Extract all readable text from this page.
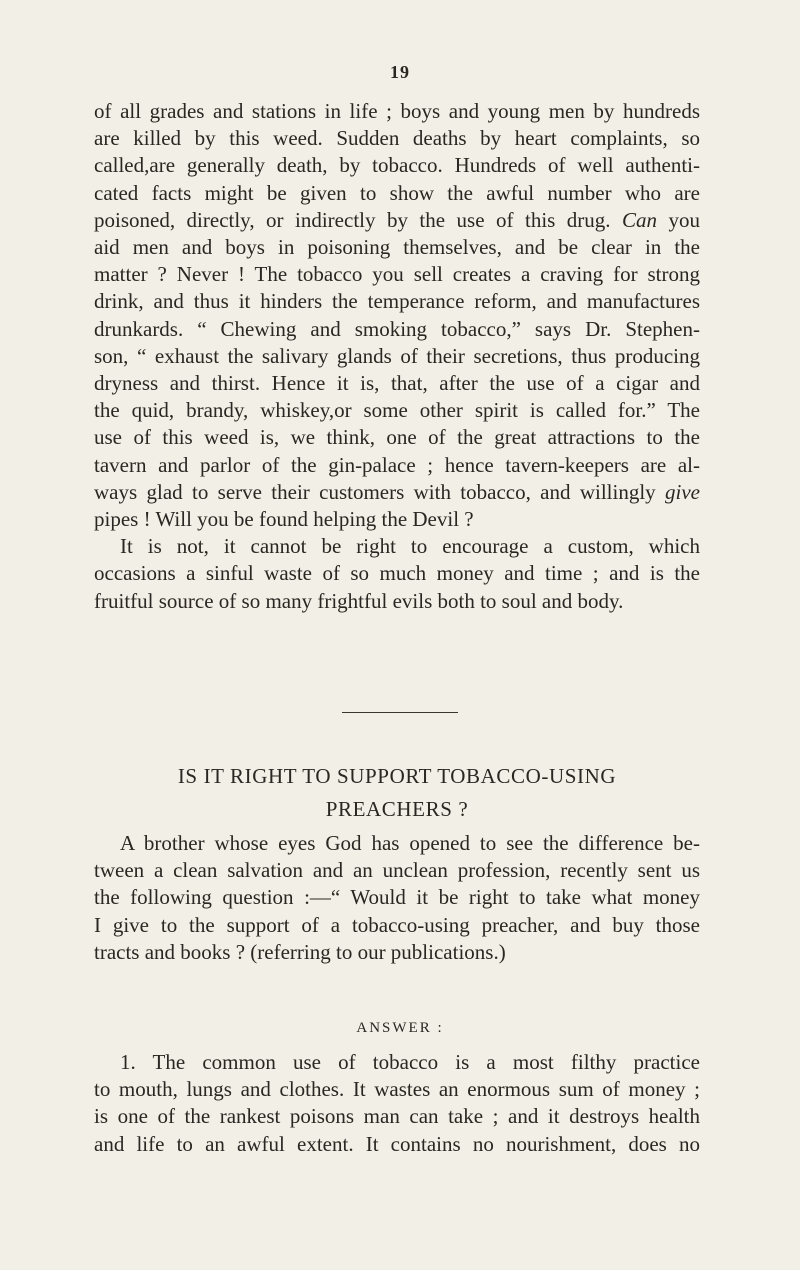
19
of all grades and stations in life ; boys and young men by hundreds
are killed by this weed. Sudden deaths by heart complaints, so
called,are generally death, by tobacco. Hundreds of well authenti-
cated facts might be given to show the awful number who are
poisoned, directly, or indirectly by the use of this drug. Can you
aid men and boys in poisoning themselves, and be clear in the
matter ? Never ! The tobacco you sell creates a craving for strong
drink, and thus it hinders the temperance reform, and manufactures
drunkards. “ Chewing and smoking tobacco,” says Dr. Stephen-
son, “ exhaust the salivary glands of their secretions, thus producing
dryness and thirst. Hence it is, that, after the use of a cigar and
the quid, brandy, whiskey,or some other spirit is called for.” The
use of this weed is, we think, one of the great attractions to the
tavern and parlor of the gin-palace ; hence tavern-keepers are al-
ways glad to serve their customers with tobacco, and willingly give
pipes ! Will you be found helping the Devil ?
It is not, it cannot be right to encourage a custom, which
occasions a sinful waste of so much money and time ; and is the
fruitful source of so many frightful evils both to soul and body.
IS IT RIGHT TO SUPPORT TOBACCO-USING
PREACHERS ?
A brother whose eyes God has opened to see the difference be-
tween a clean salvation and an unclean profession, recently sent us
the following question :—“ Would it be right to take what money
I give to the support of a tobacco-using preacher, and buy those
tracts and books ? (referring to our publications.)
ANSWER :
1. The common use of tobacco is a most filthy practice
to mouth, lungs and clothes. It wastes an enormous sum of money ;
is one of the rankest poisons man can take ; and it destroys health
and life to an awful extent. It contains no nourishment, does no
